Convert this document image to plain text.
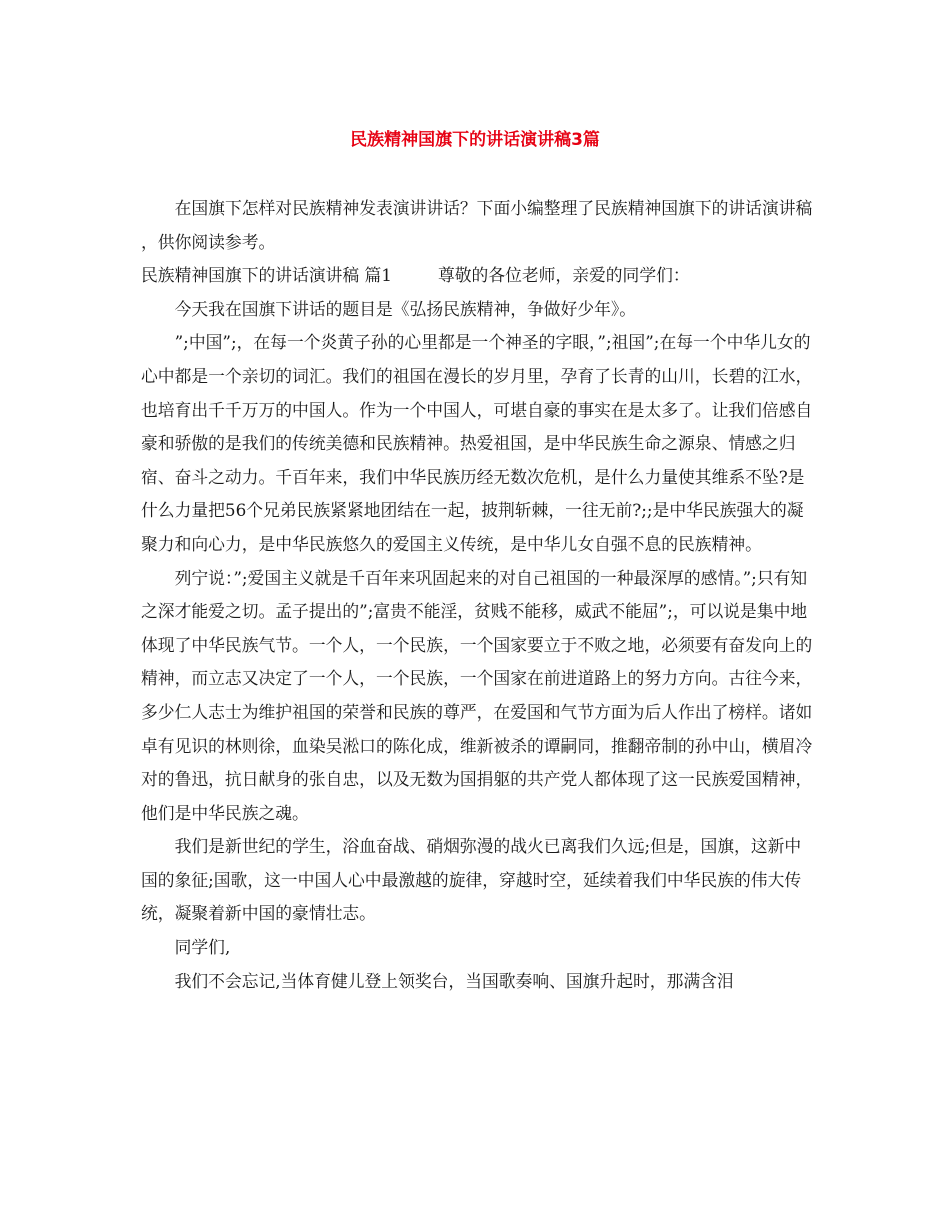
民族精神国旗下的讲话演讲稿3篇

在国旗下怎样对民族精神发表演讲讲话？下面小编整理了民族精神国旗下的讲话演讲稿 ，供你阅读参考。

民族精神国旗下的讲话演讲稿 篇1	尊敬的各位老师，亲爱的同学们：

今天我在国旗下讲话的题目是《弘扬民族精神，争做好少年》。

”;中国”;，在每一个炎黄子孙的心里都是一个神圣的字眼，”;祖国”;在每一个中华儿女的心中都是一个亲切的词汇。我们的祖国在漫长的岁月里，孕育了长青的山川，长碧的江水，也培育出千千万万的中国人。作为一个中国人，可堪自豪的事实在是太多了。让我们倍感自豪和骄傲的是我们的传统美德和民族精神。热爱祖国，是中华民族生命之源泉、情感之归宿、奋斗之动力。千百年来，我们中华民族历经无数次危机，是什么力量使其维系不坠?是什么力量把56个兄弟民族紧紧地团结在一起，披荆斩棘，一往无前?;;是中华民族强大的凝聚力和向心力，是中华民族悠久的爱国主义传统，是中华儿女自强不息的民族精神。

列宁说：”;爱国主义就是千百年来巩固起来的对自己祖国的一种最深厚的感情。”;只有知之深才能爱之切。孟子提出的”;富贵不能淫，贫贱不能移，威武不能屈”;，可以说是集中地体现了中华民族气节。一个人，一个民族，一个国家要立于不败之地，必须要有奋发向上的精神，而立志又决定了一个人，一个民族，一个国家在前进道路上的努力方向。古往今来，多少仁人志士为维护祖国的荣誉和民族的尊严，在爱国和气节方面为后人作出了榜样。诸如卓有见识的林则徐，血染吴淞口的陈化成，维新被杀的谭嗣同，推翻帝制的孙中山，横眉冷对的鲁迅，抗日献身的张自忠，以及无数为国捐躯的共产党人都体现了这一民族爱国精神，他们是中华民族之魂。

我们是新世纪的学生，浴血奋战、硝烟弥漫的战火已离我们久远;但是，国旗，这新中国的象征;国歌，这一中国人心中最激越的旋律，穿越时空，延续着我们中华民族的伟大传统，凝聚着新中国的豪情壮志。

同学们,

我们不会忘记,当体育健儿登上领奖台，当国歌奏响、国旗升起时，那满含泪
